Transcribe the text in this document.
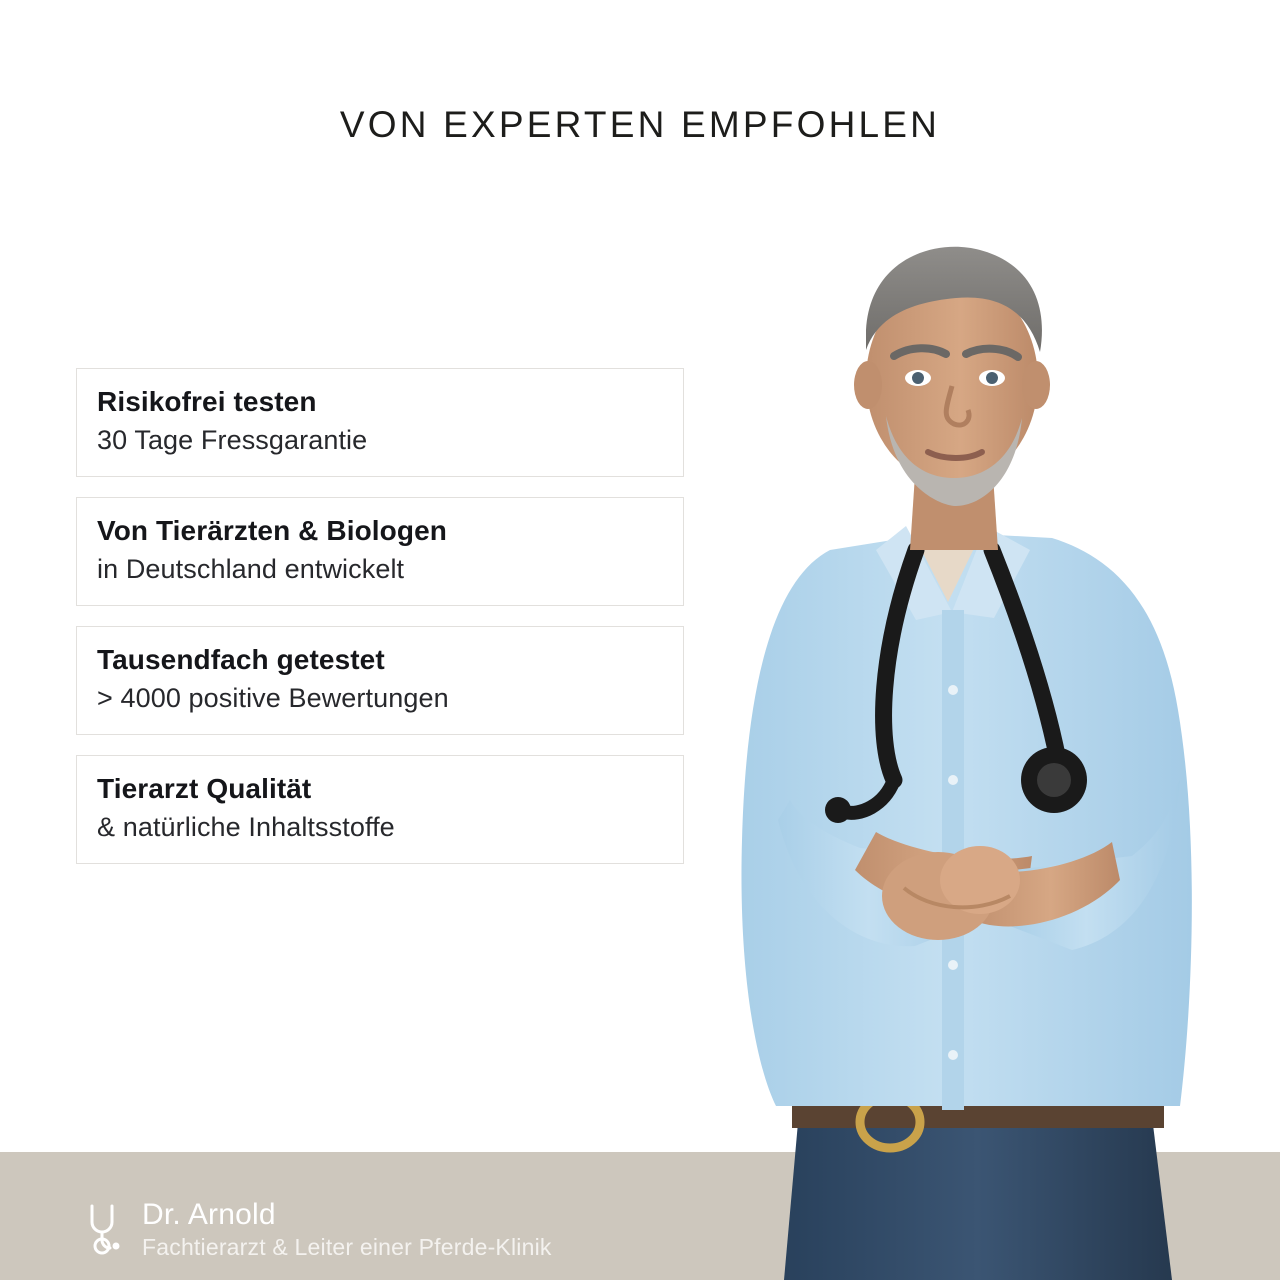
VON EXPERTEN EMPFOHLEN
Risikofrei testen
30 Tage Fressgarantie
Von Tierärzten & Biologen
in Deutschland entwickelt
Tausendfach getestet
> 4000 positive Bewertungen
Tierarzt Qualität
& natürliche Inhaltsstoffe
Dr. Arnold
Fachtierarzt & Leiter einer Pferde-Klinik
